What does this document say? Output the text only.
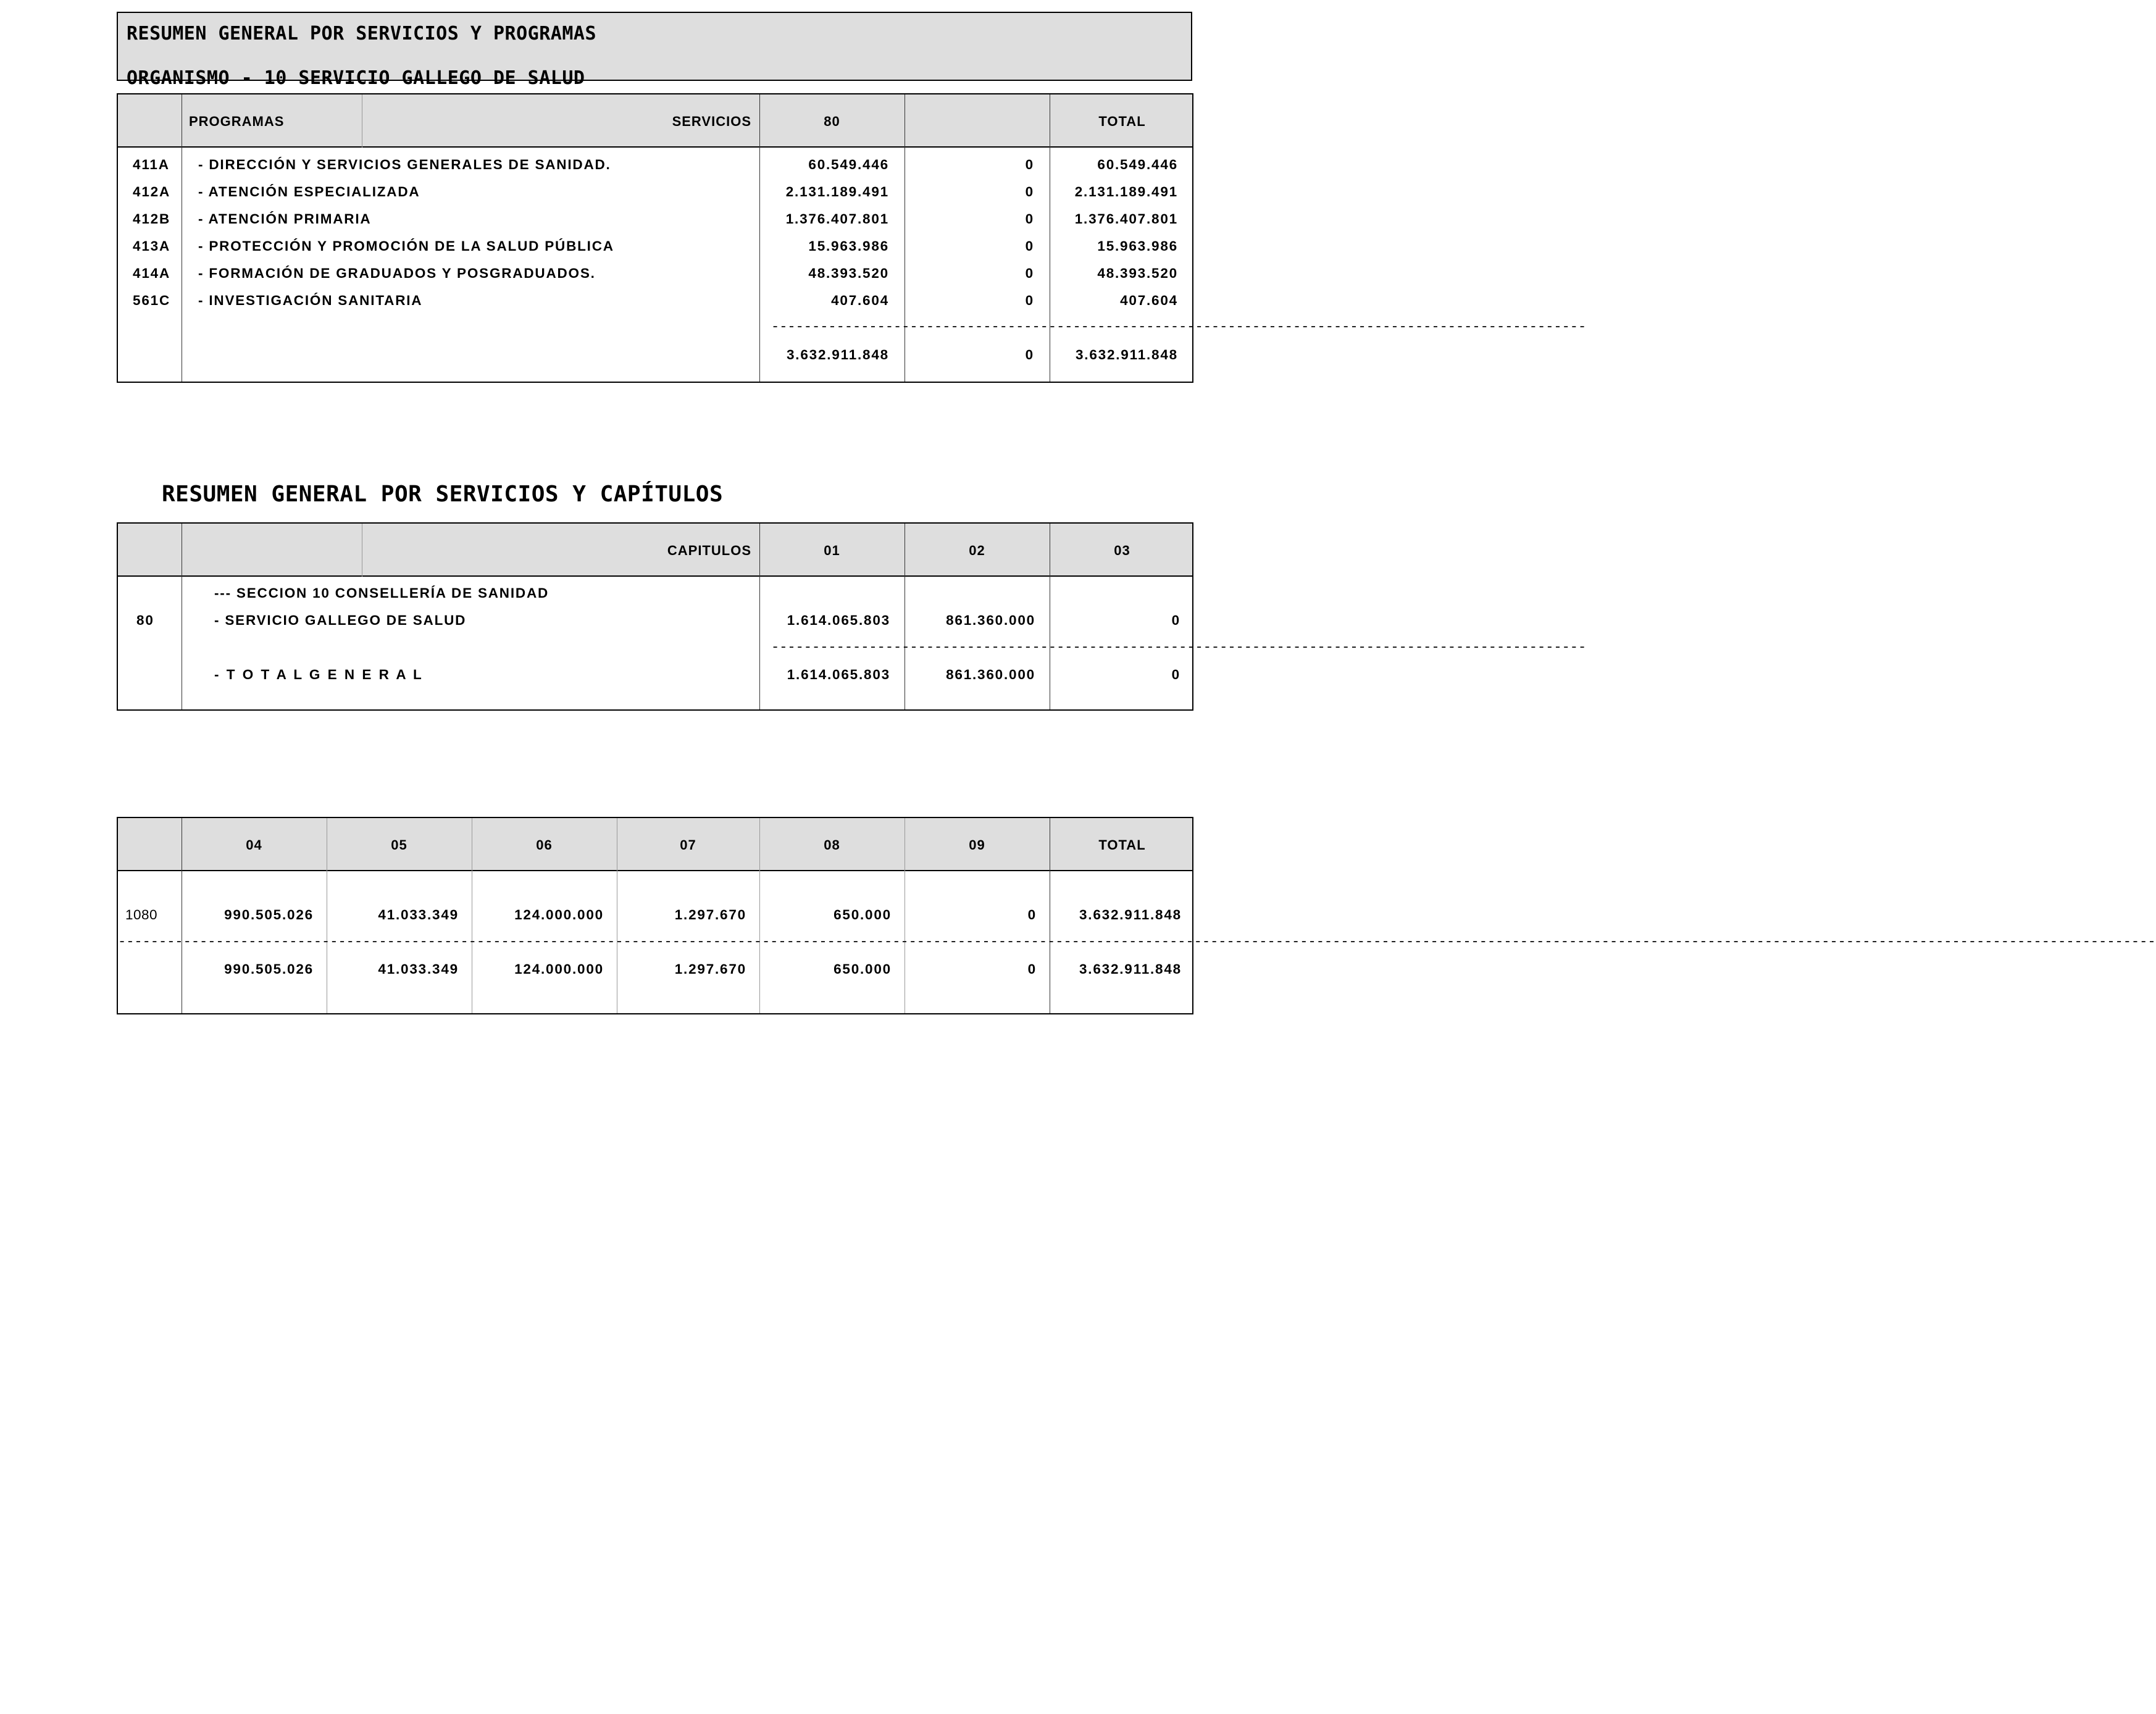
RESUMEN GENERAL POR SERVICIOS Y PROGRAMAS
ORGANISMO - 10 SERVICIO GALLEGO DE SALUD
PROGRAMAS	SERVICIOS	80	TOTAL
411A - DIRECCIÓN Y SERVICIOS GENERALES DE SANIDAD.	60.549.446	0	60.549.446
412A - ATENCIÓN ESPECIALIZADA	2.131.189.491	0	2.131.189.491
412B - ATENCIÓN PRIMARIA	1.376.407.801	0	1.376.407.801
413A - PROTECCIÓN Y PROMOCIÓN DE LA SALUD PÚBLICA	15.963.986	0	15.963.986
414A - FORMACIÓN DE GRADUADOS Y POSGRADUADOS.	48.393.520	0	48.393.520
561C - INVESTIGACIÓN SANITARIA	407.604	0	407.604
----------------------------------------------------------------------------------------------------
3.632.911.848	0	3.632.911.848
RESUMEN GENERAL POR SERVICIOS Y CAPÍTULOS
CAPITULOS	01	02	03
--- SECCION 10 CONSELLERÍA DE SANIDAD
80	- SERVICIO GALLEGO DE SALUD	1.614.065.803	861.360.000	0
----------------------------------------------------------------------------------------------------
- T O T A L G E N E R A L	1.614.065.803	861.360.000	0
04	05	06	07	08	09	TOTAL
1080	990.505.026	41.033.349	124.000.000	1.297.670	650.000	0	3.632.911.848
----------------------------------------------------------------------------------------------------------------------------------------------------------------------------------------------------------------------------------------------------------
990.505.026	41.033.349	124.000.000	1.297.670	650.000	0	3.632.911.848
